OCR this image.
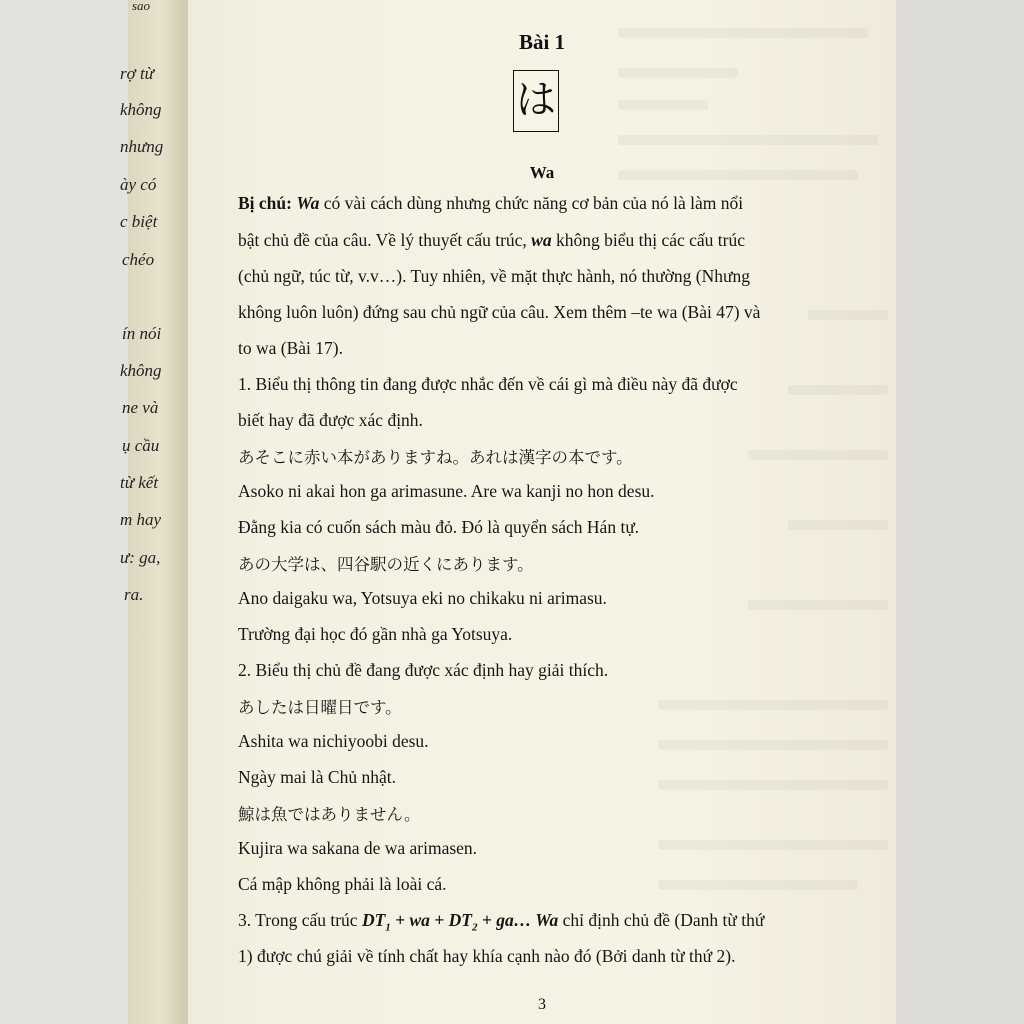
sao
rợ từ
không
nhưng
ày có
c biệt
chéo
ín nói
không
ne và
ụ cầu
từ kết
m hay
ư: ga,
ra.
Bài 1
は
Wa
Bị chú: Wa có vài cách dùng nhưng chức năng cơ bản của nó là làm nổi
bật chủ đề của câu. Về lý thuyết cấu trúc, wa không biểu thị các cấu trúc
(chủ ngữ, túc từ, v.v…). Tuy nhiên, về mặt thực hành, nó thường (Nhưng
không luôn luôn) đứng sau chủ ngữ của câu. Xem thêm –te wa (Bài 47) và
to wa (Bài 17).
1. Biểu thị thông tin đang được nhắc đến về cái gì mà điều này đã được
biết hay đã được xác định.
あそこに赤い本がありますね。あれは漢字の本です。
Asoko ni akai hon ga arimasune. Are wa kanji no hon desu.
Đằng kia có cuốn sách màu đỏ. Đó là quyển sách Hán tự.
あの大学は、四谷駅の近くにあります。
Ano daigaku wa, Yotsuya eki no chikaku ni arimasu.
Trường đại học đó gần nhà ga Yotsuya.
2. Biểu thị chủ đề đang được xác định hay giải thích.
あしたは日曜日です。
Ashita wa nichiyoobi desu.
Ngày mai là Chủ nhật.
鯨は魚ではありません。
Kujira wa sakana de wa arimasen.
Cá mập không phải là loài cá.
3. Trong cấu trúc $DT_1$ + wa + $DT_2$ + ga… Wa chỉ định chủ đề (Danh từ thứ
1) được chú giải về tính chất hay khía cạnh nào đó (Bởi danh từ thứ 2).
3
